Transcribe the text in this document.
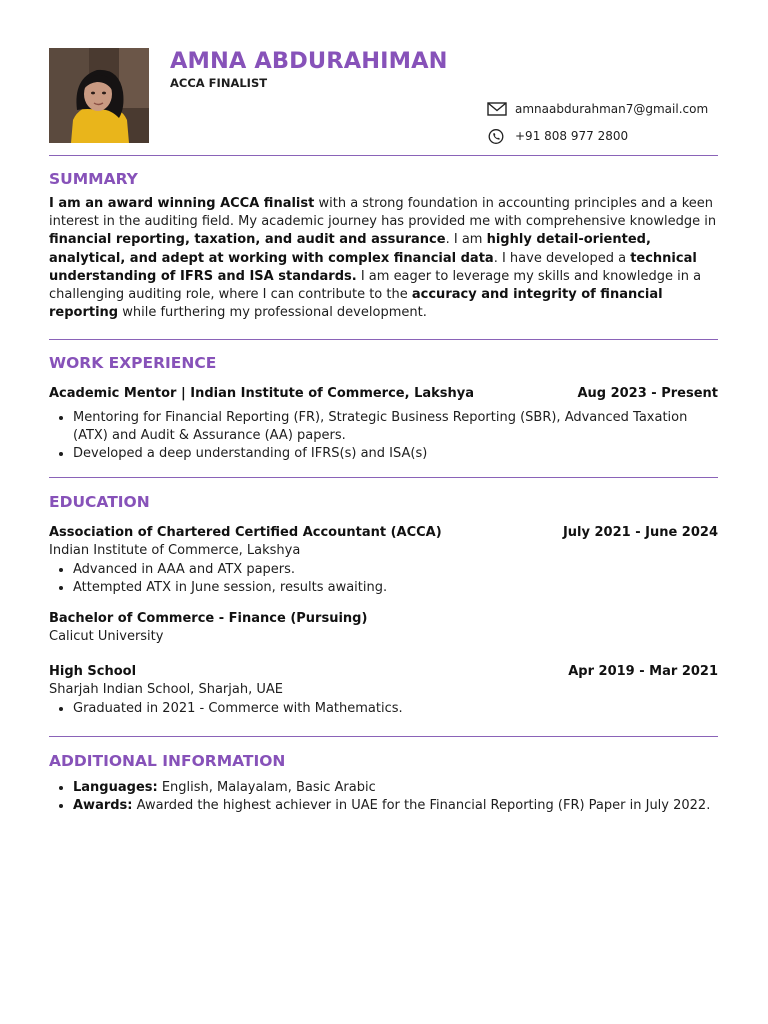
AMNA ABDURAHIMAN
ACCA FINALIST
amnaabdurahman7@gmail.com
+91 808 977 2800
SUMMARY
I am an award winning ACCA finalist with a strong foundation in accounting principles and a keen interest in the auditing field. My academic journey has provided me with comprehensive knowledge in financial reporting, taxation, and audit and assurance. I am highly detail-oriented, analytical, and adept at working with complex financial data. I have developed a technical understanding of IFRS and ISA standards. I am eager to leverage my skills and knowledge in a challenging auditing role, where I can contribute to the accuracy and integrity of financial reporting while furthering my professional development.
WORK EXPERIENCE
Academic Mentor | Indian Institute of Commerce, Lakshya	Aug 2023 - Present
• Mentoring for Financial Reporting (FR), Strategic Business Reporting (SBR), Advanced Taxation (ATX) and Audit & Assurance (AA) papers.
• Developed a deep understanding of IFRS(s) and ISA(s)
EDUCATION
Association of Chartered Certified Accountant (ACCA)	July 2021 - June 2024
Indian Institute of Commerce, Lakshya
• Advanced in AAA and ATX papers.
• Attempted ATX in June session, results awaiting.
Bachelor of Commerce - Finance (Pursuing)
Calicut University
High School	Apr 2019 - Mar 2021
Sharjah Indian School, Sharjah, UAE
• Graduated in 2021 - Commerce with Mathematics.
ADDITIONAL INFORMATION
• Languages: English, Malayalam, Basic Arabic
• Awards: Awarded the highest achiever in UAE for the Financial Reporting (FR) Paper in July 2022.
